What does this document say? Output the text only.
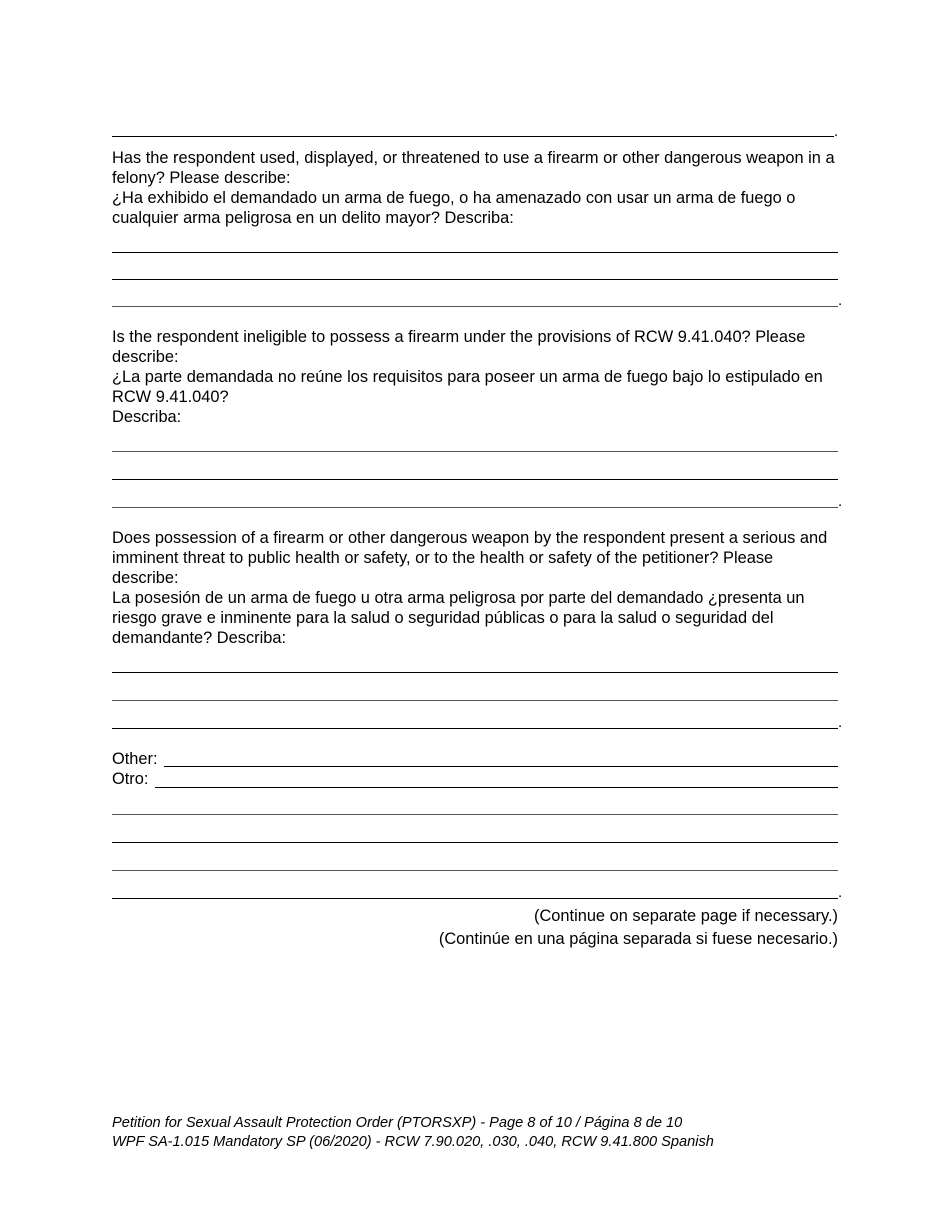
.

Has the respondent used, displayed, or threatened to use a firearm or other dangerous weapon in a felony? Please describe:

¿Ha exhibido el demandado un arma de fuego, o ha amenazado con usar un arma de fuego o cualquier arma peligrosa en un delito mayor? Describa:

.

Is the respondent ineligible to possess a firearm under the provisions of RCW 9.41.040? Please describe:

¿La parte demandada no reúne los requisitos para poseer un arma de fuego bajo lo estipulado en RCW 9.41.040?

Describa:

.

Does possession of a firearm or other dangerous weapon by the respondent present a serious and imminent threat to public health or safety, or to the health or safety of the petitioner? Please describe:

La posesión de un arma de fuego u otra arma peligrosa por parte del demandado ¿presenta un riesgo grave e inminente para la salud o seguridad públicas o para la salud o seguridad del demandante? Describa:

.
Other:
Otro:
.
(Continue on separate page if necessary.)
(Continúe en una página separada si fuese necesario.)
Petition for Sexual Assault Protection Order (PTORSXP) - Page 8 of 10 / Página 8 de 10
WPF SA-1.015 Mandatory SP (06/2020) - RCW 7.90.020, .030, .040, RCW 9.41.800 Spanish
